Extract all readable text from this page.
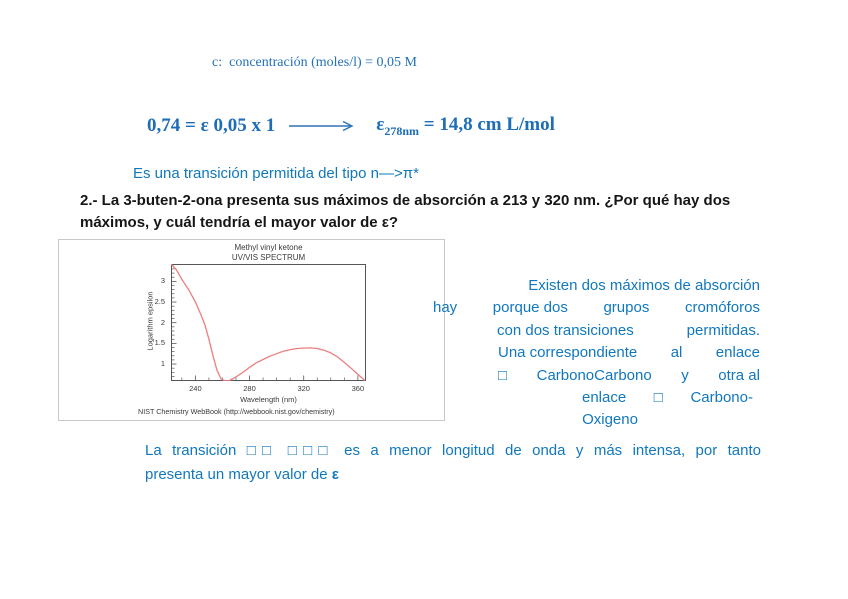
c:  concentración (moles/l) = 0,05 M
0,74 = ε 0,05 x 1	$\varepsilon_{278nm} = 14,8$ cm L/mol
Es una transición permitida del tipo n—>π*
2.- La 3-buten-2-ona presenta sus máximos de absorción a 213 y 320 nm. ¿Por qué hay dos
máximos, y cuál tendría el mayor valor de ε?
Methyl vinyl ketone
UV/VIS SPECTRUM
Logarithm epsilon
Wavelength (nm)
NIST Chemistry WebBook (http://webbook.nist.gov/chemistry)
240	280	320	360
1
1.5
2
2.5
3	Existen dos máximos de absorción
hay porque dos grupos cromóforos
con dos transiciones	permitidas.
Una correspondiente al enlace
□ CarbonoCarbono y otra al
enlace □ Carbono-
Oxigeno
La transición □□ □□□ es a menor longitud de onda y más intensa, por tanto
presenta un mayor valor de ε
